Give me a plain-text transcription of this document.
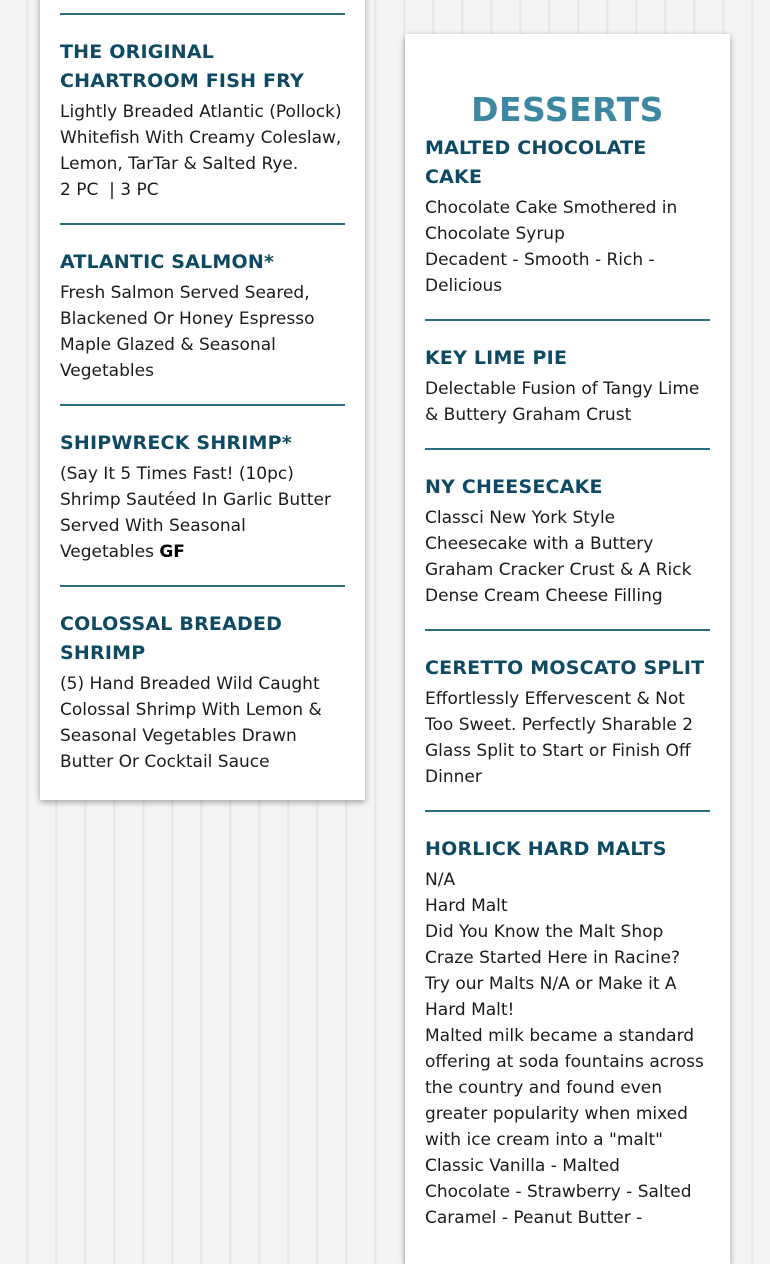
THE ORIGINAL CHARTROOM FISH FRY

Lightly Breaded Atlantic (Pollock) Whitefish With Creamy Coleslaw, Lemon, TarTar & Salted Rye.

2 PC  | 3 PC

ATLANTIC SALMON*

Fresh Salmon Served Seared, Blackened Or Honey Espresso Maple Glazed & Seasonal Vegetables

SHIPWRECK SHRIMP*

(Say It 5 Times Fast! (10pc) Shrimp Sautéed In Garlic Butter Served With Seasonal Vegetables GF

COLOSSAL BREADED SHRIMP

(5) Hand Breaded Wild Caught Colossal Shrimp With Lemon & Seasonal Vegetables Drawn Butter Or Cocktail Sauce

DESSERTS
MALTED CHOCOLATE CAKE

Chocolate Cake Smothered in Chocolate Syrup

Decadent - Smooth - Rich - Delicious

KEY LIME PIE

Delectable Fusion of Tangy Lime & Buttery Graham Crust

NY CHEESECAKE

Classci New York Style Cheesecake with a Buttery Graham Cracker Crust & A Rick Dense Cream Cheese Filling

CERETTO MOSCATO SPLIT

Effortlessly Effervescent & Not Too Sweet. Perfectly Sharable 2 Glass Split to Start or Finish Off Dinner

HORLICK HARD MALTS

N/A

Hard Malt

Did You Know the Malt Shop Craze Started Here in Racine? Try our Malts N/A or Make it A Hard Malt!

Malted milk became a standard offering at soda fountains across the country and found even greater popularity when mixed with ice cream into a "malt"

Classic Vanilla - Malted Chocolate - Strawberry - Salted Caramel - Peanut Butter -
